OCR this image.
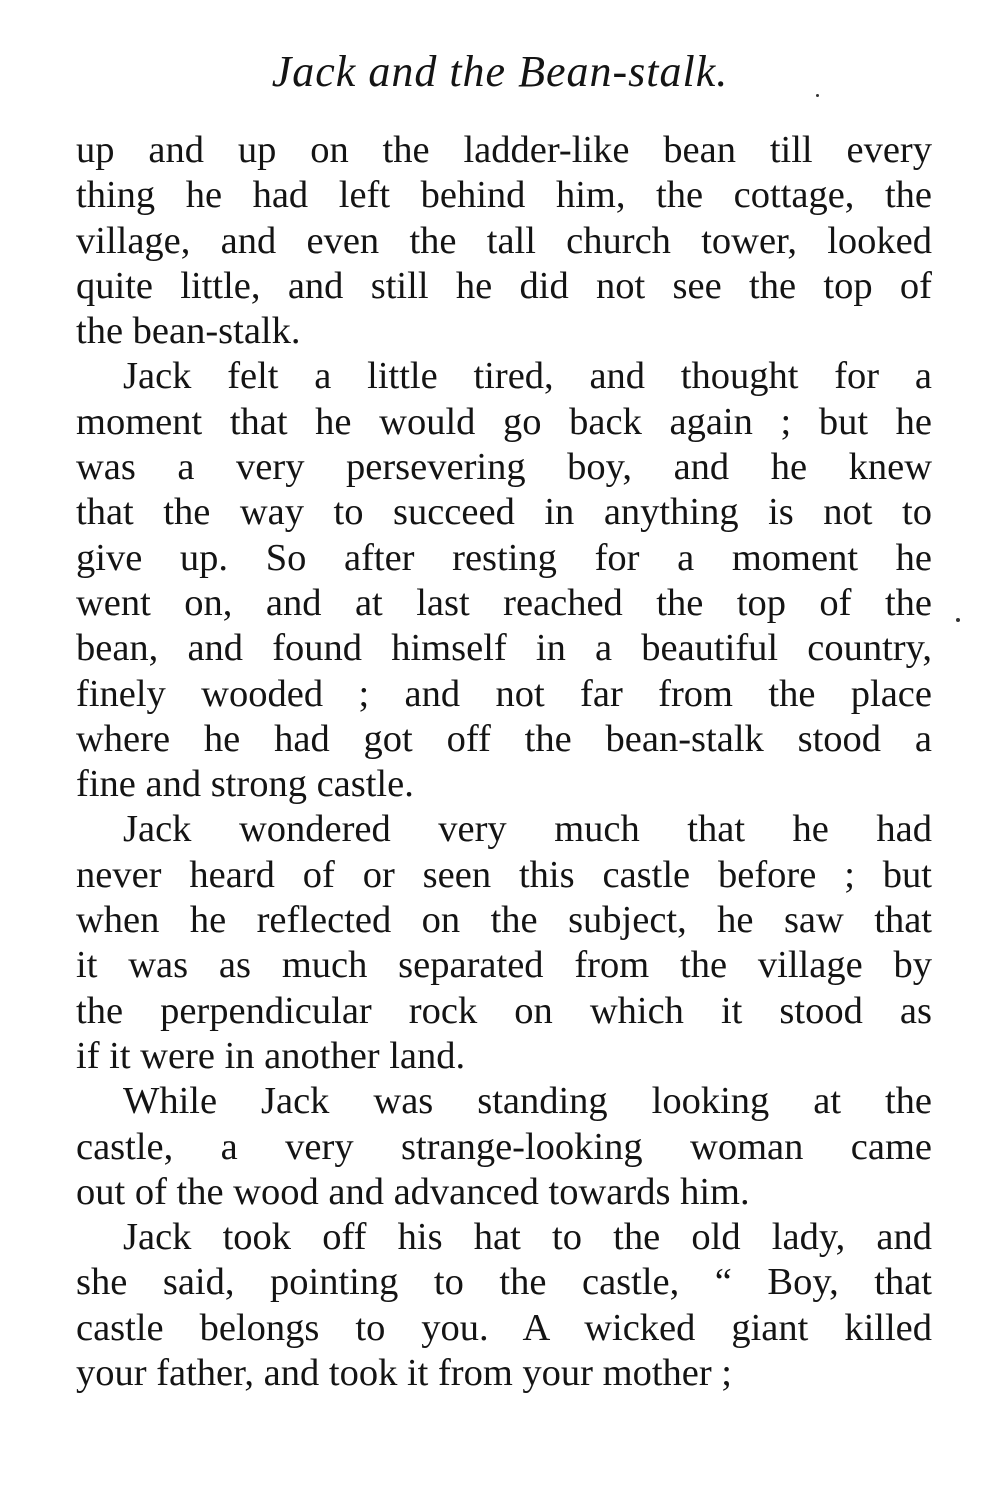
Jack and the Bean-stalk.
up and up on the ladder-like bean till every
thing he had left behind him, the cottage, the
village, and even the tall church tower, looked
quite little, and still he did not see the top of
the bean-stalk.
Jack felt a little tired, and thought for a
moment that he would go back again ; but he
was a very persevering boy, and he knew
that the way to succeed in anything is not to
give up. So after resting for a moment he
went on, and at last reached the top of the
bean, and found himself in a beautiful country,
finely wooded ; and not far from the place
where he had got off the bean-stalk stood a
fine and strong castle.
Jack wondered very much that he had
never heard of or seen this castle before ; but
when he reflected on the subject, he saw that
it was as much separated from the village by
the perpendicular rock on which it stood as
if it were in another land.
While Jack was standing looking at the
castle, a very strange-looking woman came
out of the wood and advanced towards him.
Jack took off his hat to the old lady, and
she said, pointing to the castle, “ Boy, that
castle belongs to you. A wicked giant killed
your father, and took it from your mother ;
